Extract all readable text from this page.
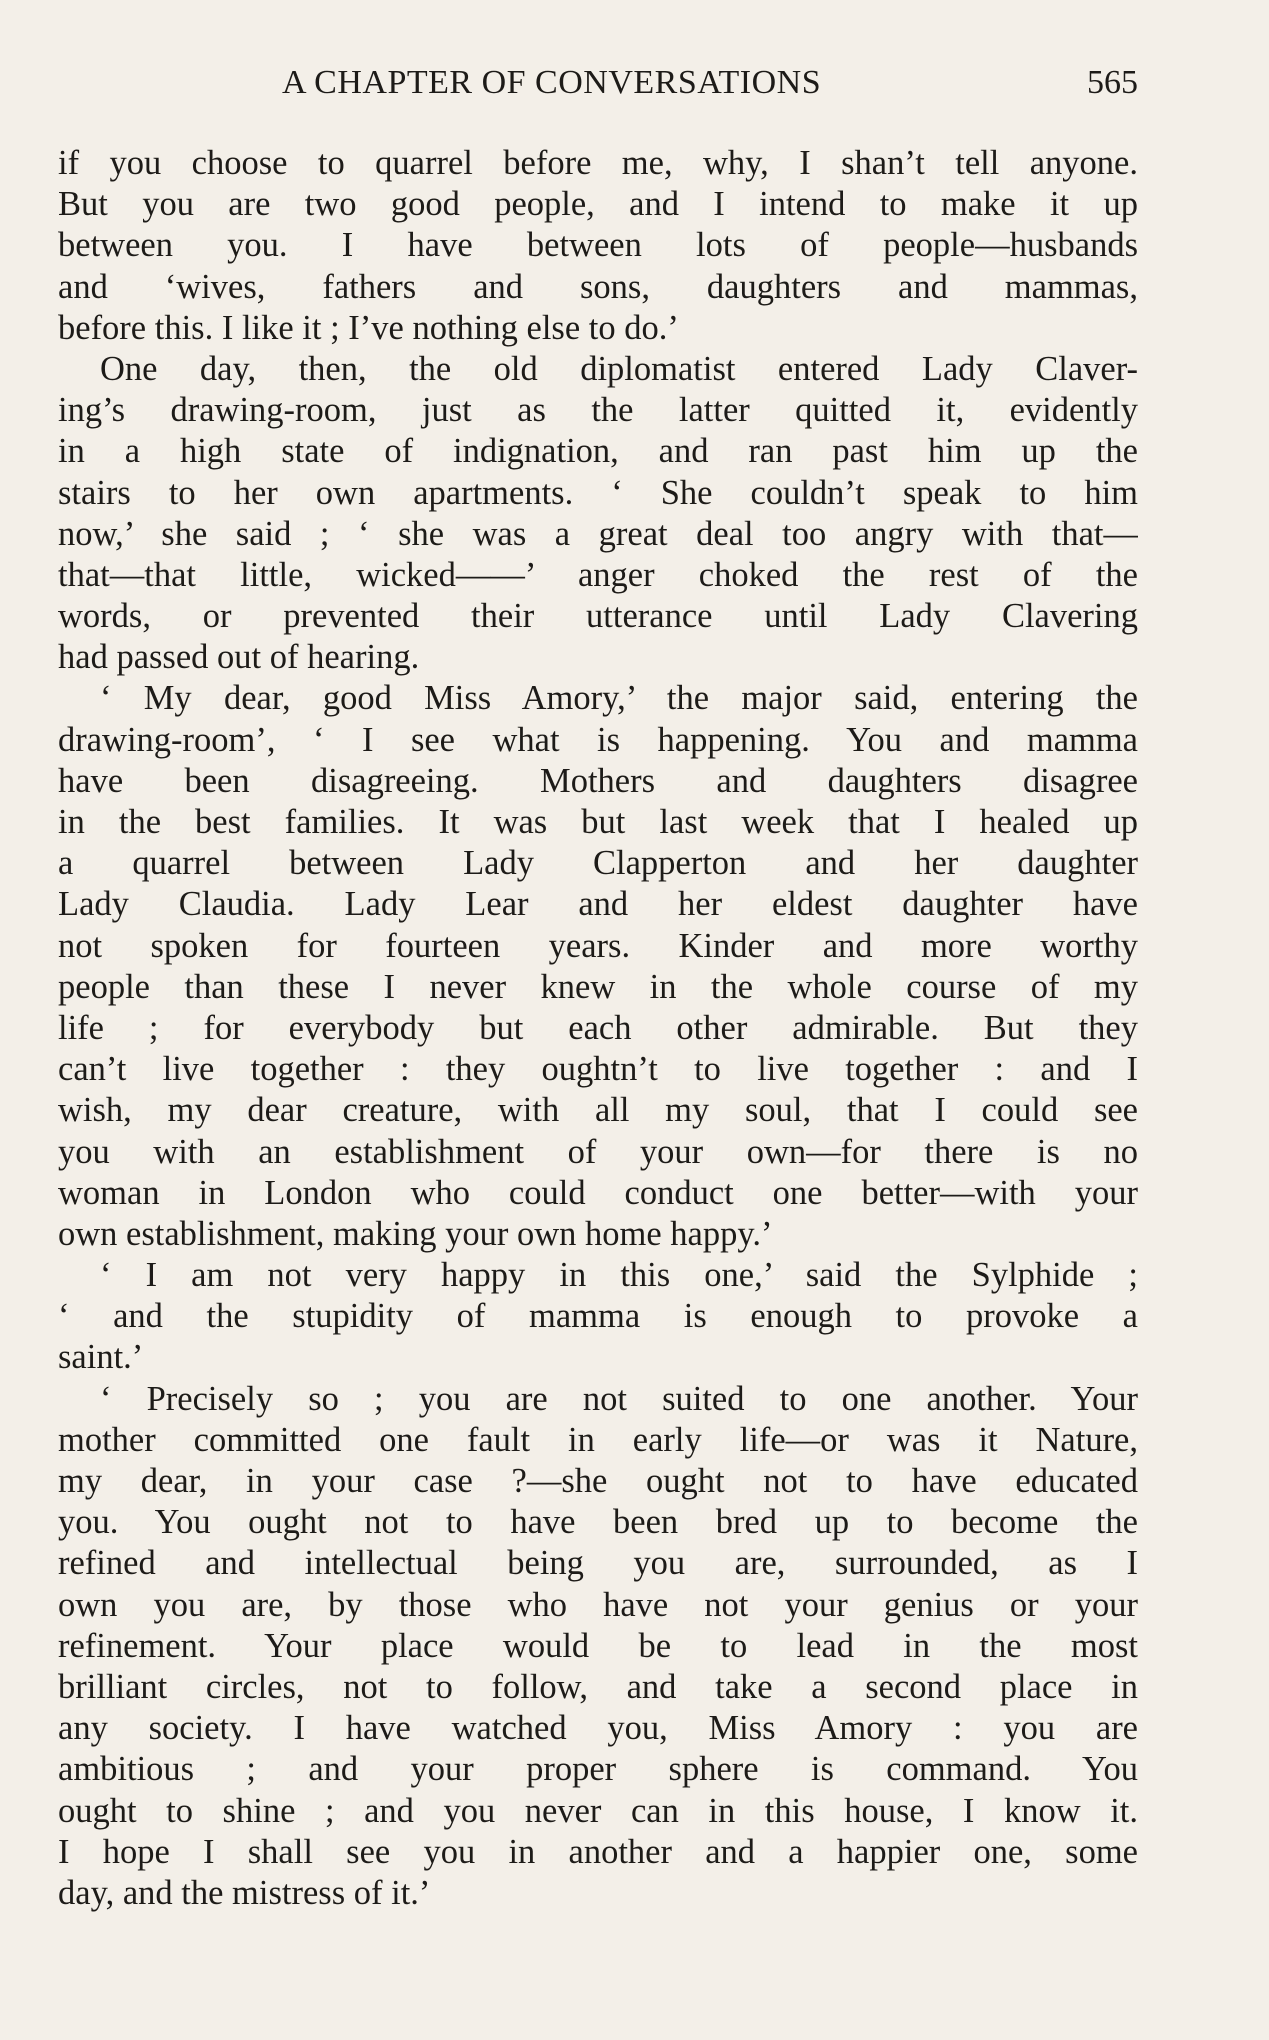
A CHAPTER OF CONVERSATIONS	565
if you choose to quarrel before me, why, I shan’t tell anyone.
But you are two good people, and I intend to make it up
between you. I have between lots of people—husbands
and ‘wives, fathers and sons, daughters and mammas,
before this. I like it ; I’ve nothing else to do.’
One day, then, the old diplomatist entered Lady Claver-
ing’s drawing-room, just as the latter quitted it, evidently
in a high state of indignation, and ran past him up the
stairs to her own apartments. ‘ She couldn’t speak to him
now,’ she said ; ‘ she was a great deal too angry with that—
that—that little, wicked——’ anger choked the rest of the
words, or prevented their utterance until Lady Clavering
had passed out of hearing.
‘ My dear, good Miss Amory,’ the major said, entering the
drawing-room’, ‘ I see what is happening. You and mamma
have been disagreeing. Mothers and daughters disagree
in the best families. It was but last week that I healed up
a quarrel between Lady Clapperton and her daughter
Lady Claudia. Lady Lear and her eldest daughter have
not spoken for fourteen years. Kinder and more worthy
people than these I never knew in the whole course of my
life ; for everybody but each other admirable. But they
can’t live together : they oughtn’t to live together : and I
wish, my dear creature, with all my soul, that I could see
you with an establishment of your own—for there is no
woman in London who could conduct one better—with your
own establishment, making your own home happy.’
‘ I am not very happy in this one,’ said the Sylphide ;
‘ and the stupidity of mamma is enough to provoke a
saint.’
‘ Precisely so ; you are not suited to one another. Your
mother committed one fault in early life—or was it Nature,
my dear, in your case ?—she ought not to have educated
you. You ought not to have been bred up to become the
refined and intellectual being you are, surrounded, as I
own you are, by those who have not your genius or your
refinement. Your place would be to lead in the most
brilliant circles, not to follow, and take a second place in
any society. I have watched you, Miss Amory : you are
ambitious ; and your proper sphere is command. You
ought to shine ; and you never can in this house, I know it.
I hope I shall see you in another and a happier one, some
day, and the mistress of it.’
